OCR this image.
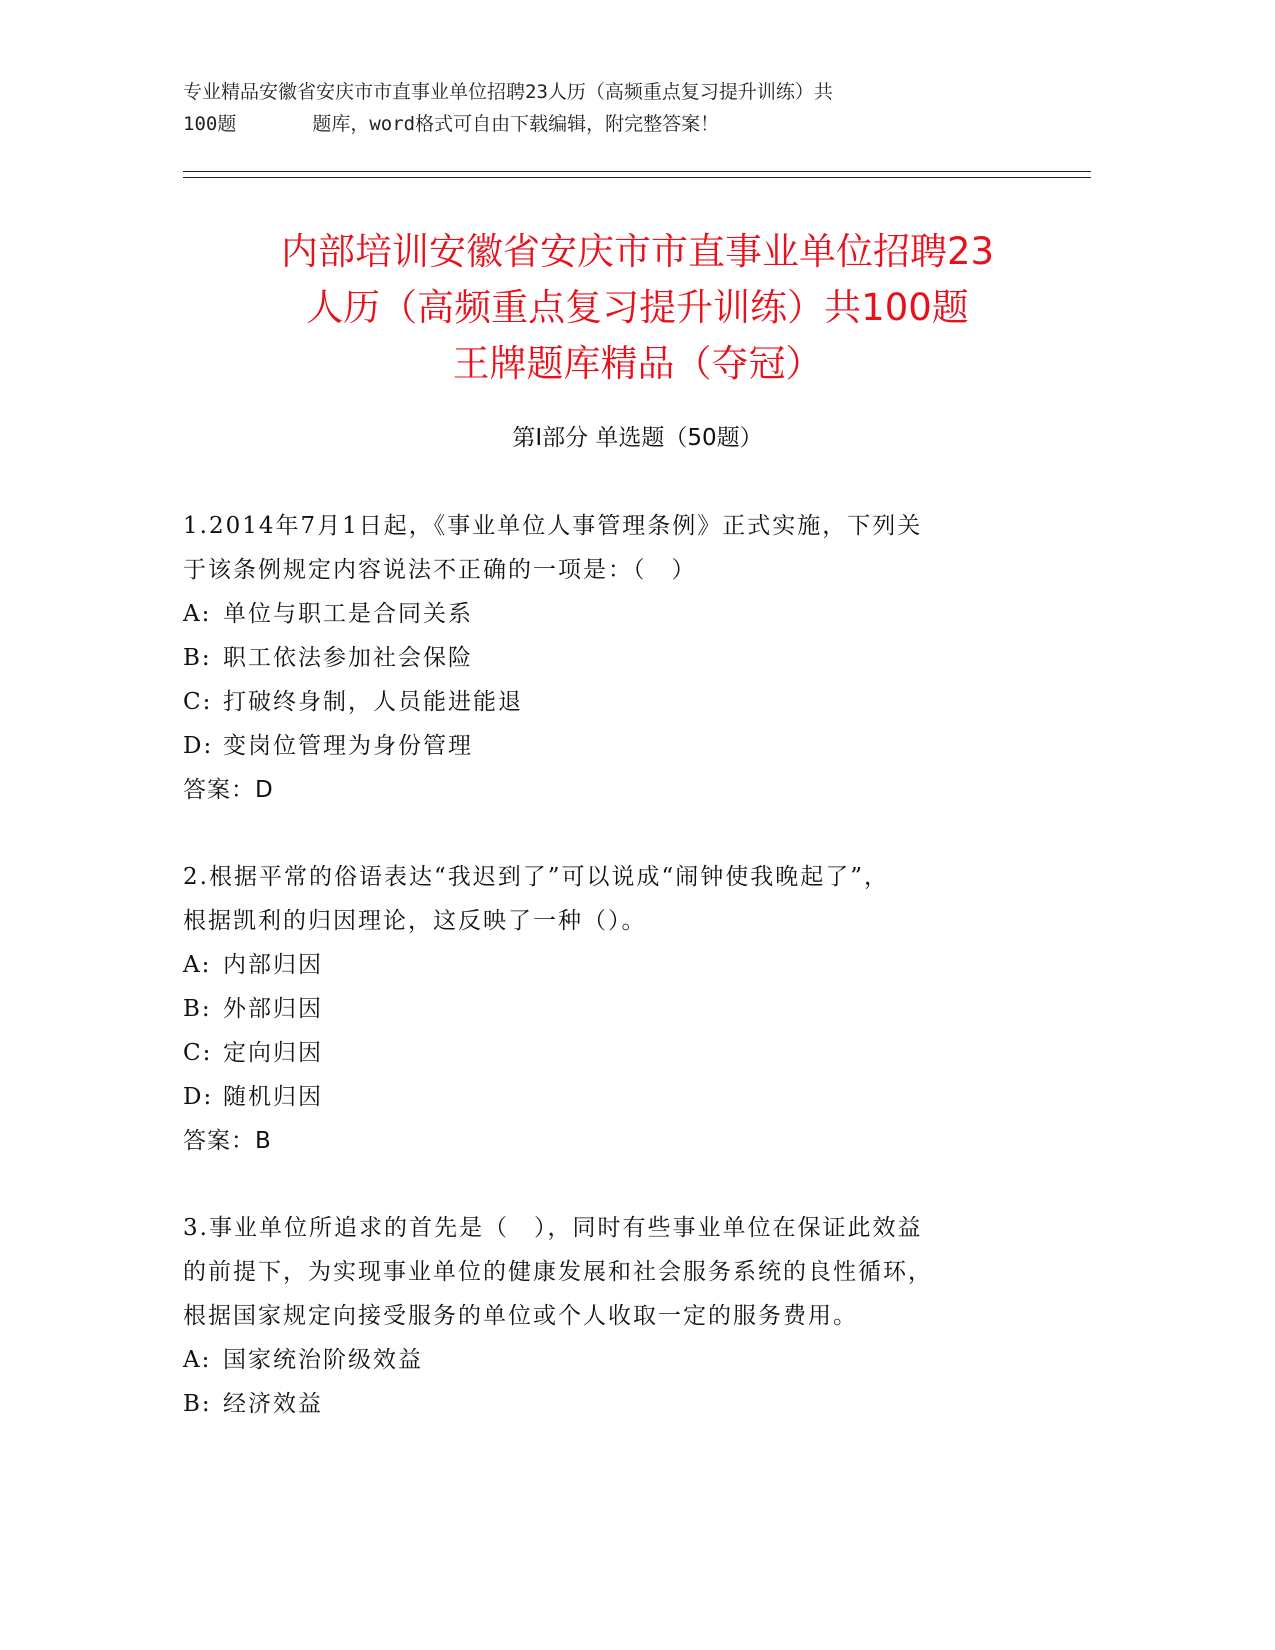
专业精品安徽省安庆市市直事业单位招聘23人历（高频重点复习提升训练）共
100题	题库，word格式可自由下载编辑，附完整答案！
内部培训安徽省安庆市市直事业单位招聘23
人历（高频重点复习提升训练）共100题
王牌题库精品（夺冠）
第Ⅰ部分 单选题（50题）

1.2014年7月1日起，《事业单位人事管理条例》正式实施，下列关

于该条例规定内容说法不正确的一项是：（　）

A: 单位与职工是合同关系

B: 职工依法参加社会保险

C: 打破终身制，人员能进能退

D: 变岗位管理为身份管理

答案：D

2.根据平常的俗语表达“我迟到了”可以说成“闹钟使我晚起了”，

根据凯利的归因理论，这反映了一种（）。

A: 内部归因

B: 外部归因

C: 定向归因

D: 随机归因

答案：B

3.事业单位所追求的首先是（　），同时有些事业单位在保证此效益

的前提下，为实现事业单位的健康发展和社会服务系统的良性循环，

根据国家规定向接受服务的单位或个人收取一定的服务费用。

A: 国家统治阶级效益

B: 经济效益
